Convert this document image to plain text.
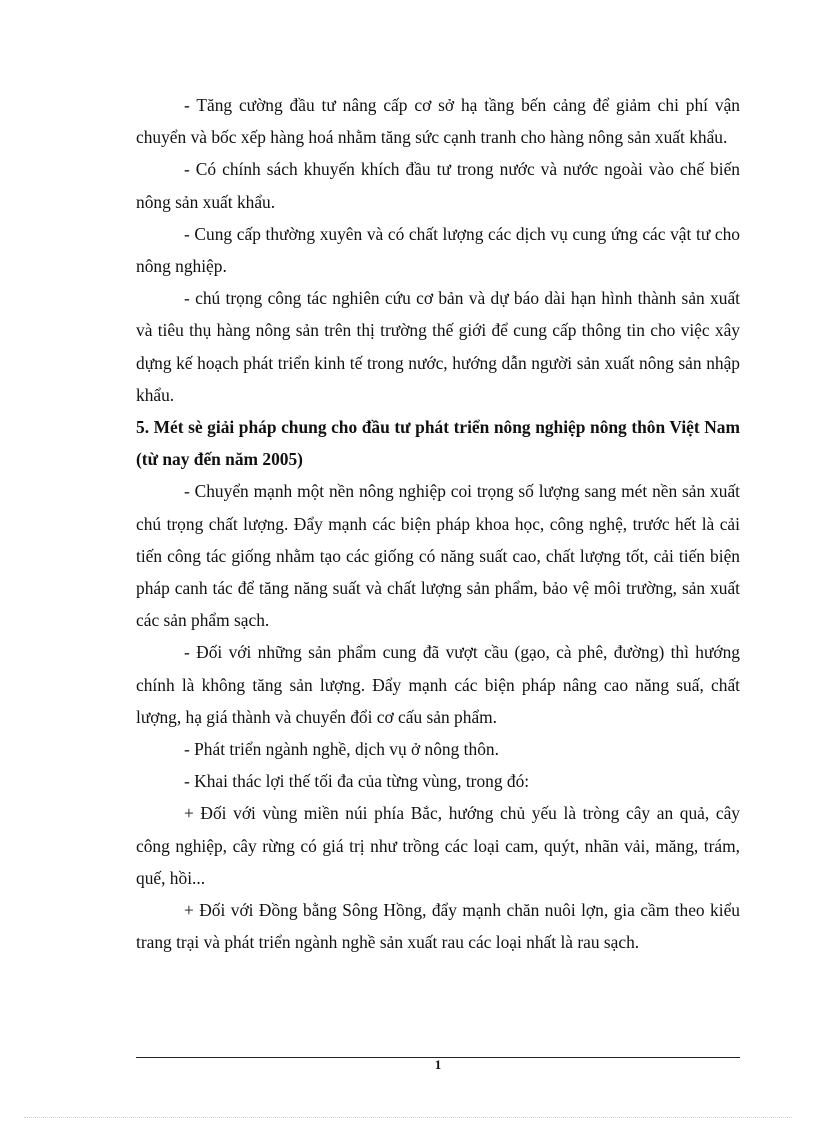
- Tăng cường đầu tư nâng cấp cơ sở hạ tầng bến cảng để giảm chi phí vận chuyển và bốc xếp hàng hoá nhằm tăng sức cạnh tranh cho hàng nông sản xuất khẩu.

- Có chính sách khuyến khích đầu tư trong nước và nước ngoài vào chế biến nông sản xuất khẩu.

- Cung cấp thường xuyên và có chất lượng các dịch vụ cung ứng các vật tư cho nông nghiệp.

- chú trọng công tác nghiên cứu cơ bản và dự báo dài hạn hình thành sản xuất và tiêu thụ hàng nông sản trên thị trường thế giới để cung cấp thông tin cho việc xây dựng kế hoạch phát triển kinh tế trong nước, hướng dẫn người sản xuất nông sản nhập khẩu.

5. Mét sè giải pháp chung cho đầu tư phát triển nông nghiệp nông thôn Việt Nam (từ nay đến năm 2005)

- Chuyển mạnh một nền nông nghiệp coi trọng số lượng sang mét nền sản xuất chú trọng chất lượng. Đẩy mạnh các biện pháp khoa học, công nghệ, trước hết là cải tiến công tác giống nhằm tạo các giống có năng suất cao, chất lượng tốt, cải tiến biện pháp canh tác để tăng năng suất và chất lượng sản phẩm, bảo vệ môi trường, sản xuất các sản phẩm sạch.

- Đối với những sản phẩm cung đã vượt cầu (gạo, cà phê, đường) thì hướng chính là không tăng sản lượng. Đẩy mạnh các biện pháp nâng cao năng suấ, chất lượng, hạ giá thành và chuyển đổi cơ cấu sản phẩm.

- Phát triển ngành nghề, dịch vụ ở nông thôn.

- Khai thác lợi thế tối đa của từng vùng, trong đó:

+ Đối với vùng miền núi phía Bắc, hướng chủ yếu là tròng cây an quả, cây công nghiệp, cây rừng có giá trị như trồng các loại cam, quýt, nhãn vải, măng, trám, quế, hồi...

+ Đối với Đồng bằng Sông Hồng, đẩy mạnh chăn nuôi lợn, gia cầm theo kiểu trang trại và phát triển ngành nghề sản xuất rau các loại nhất là rau sạch.

1
